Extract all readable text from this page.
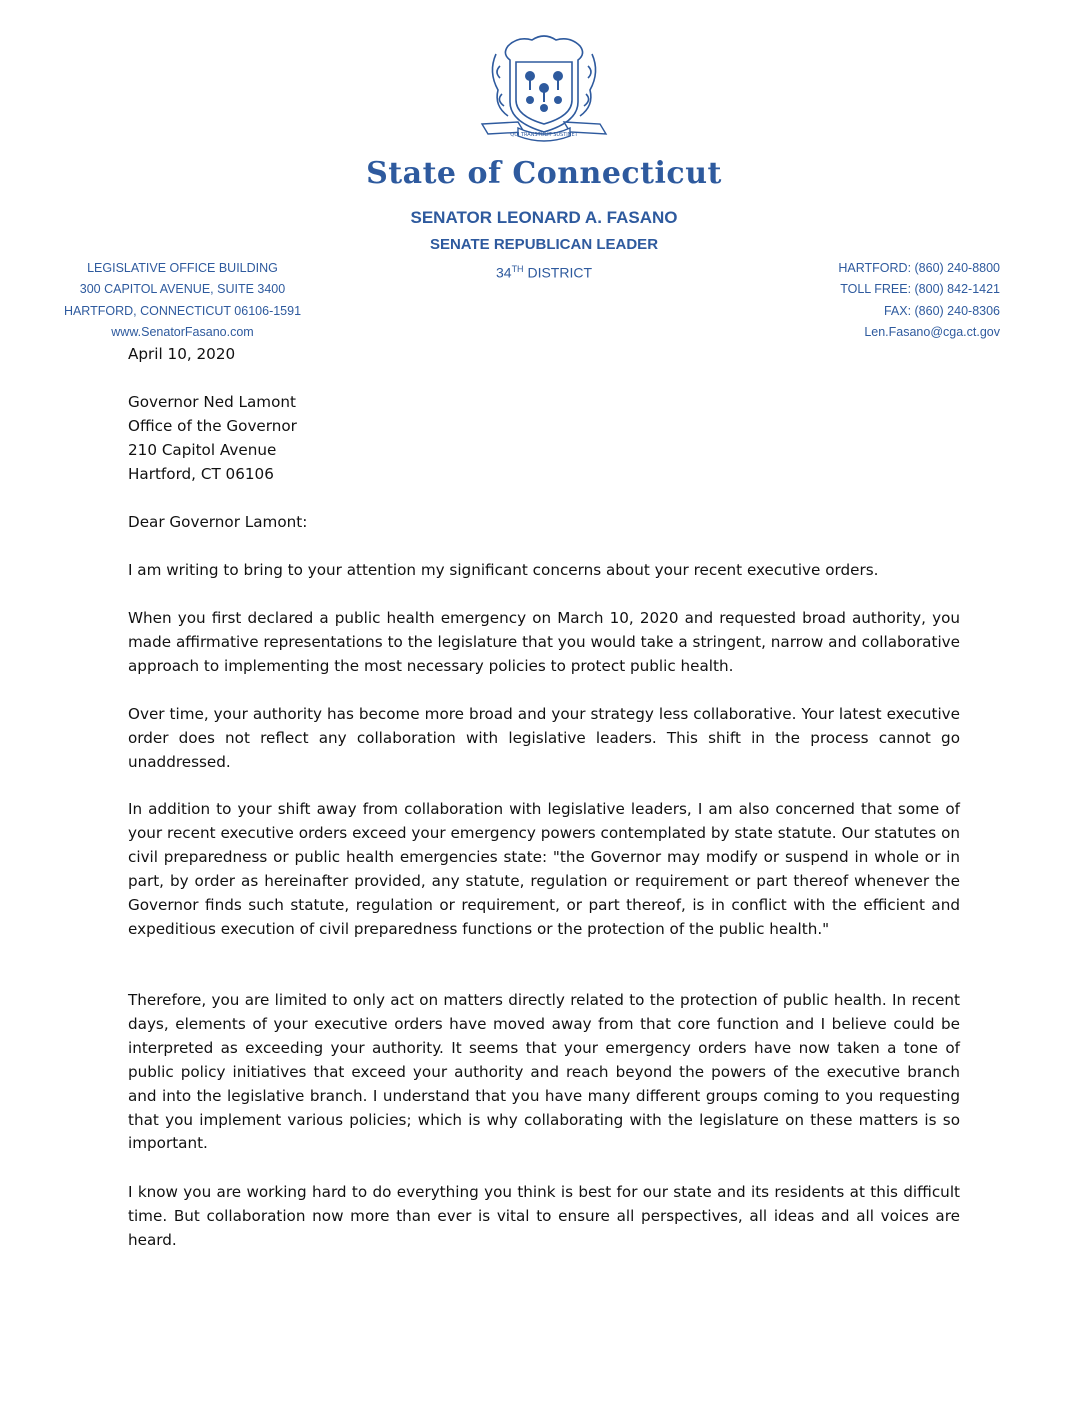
QUI TRANSTULIT SUSTINET
State of Connecticut
SENATOR LEONARD A. FASANO
SENATE REPUBLICAN LEADER
34TH DISTRICT
LEGISLATIVE OFFICE BUILDING
300 CAPITOL AVENUE, SUITE 3400
HARTFORD, CONNECTICUT 06106-1591
www.SenatorFasano.com
HARTFORD: (860) 240-8800
TOLL FREE: (800) 842-1421
FAX: (860) 240-8306
Len.Fasano@cga.ct.gov
April 10, 2020
Governor Ned Lamont
Office of the Governor
210 Capitol Avenue
Hartford, CT 06106
Dear Governor Lamont:
I am writing to bring to your attention my significant concerns about your recent executive orders.
When you first declared a public health emergency on March 10, 2020 and requested broad authority, you made affirmative representations to the legislature that you would take a stringent, narrow and collaborative approach to implementing the most necessary policies to protect public health.
Over time, your authority has become more broad and your strategy less collaborative. Your latest executive order does not reflect any collaboration with legislative leaders. This shift in the process cannot go unaddressed.
In addition to your shift away from collaboration with legislative leaders, I am also concerned that some of your recent executive orders exceed your emergency powers contemplated by state statute. Our statutes on civil preparedness or public health emergencies state: "the Governor may modify or suspend in whole or in part, by order as hereinafter provided, any statute, regulation or requirement or part thereof whenever the Governor finds such statute, regulation or requirement, or part thereof, is in conflict with the efficient and expeditious execution of civil preparedness functions or the protection of the public health."
Therefore, you are limited to only act on matters directly related to the protection of public health. In recent days, elements of your executive orders have moved away from that core function and I believe could be interpreted as exceeding your authority. It seems that your emergency orders have now taken a tone of public policy initiatives that exceed your authority and reach beyond the powers of the executive branch and into the legislative branch. I understand that you have many different groups coming to you requesting that you implement various policies; which is why collaborating with the legislature on these matters is so important.
I know you are working hard to do everything you think is best for our state and its residents at this difficult time. But collaboration now more than ever is vital to ensure all perspectives, all ideas and all voices are heard.
